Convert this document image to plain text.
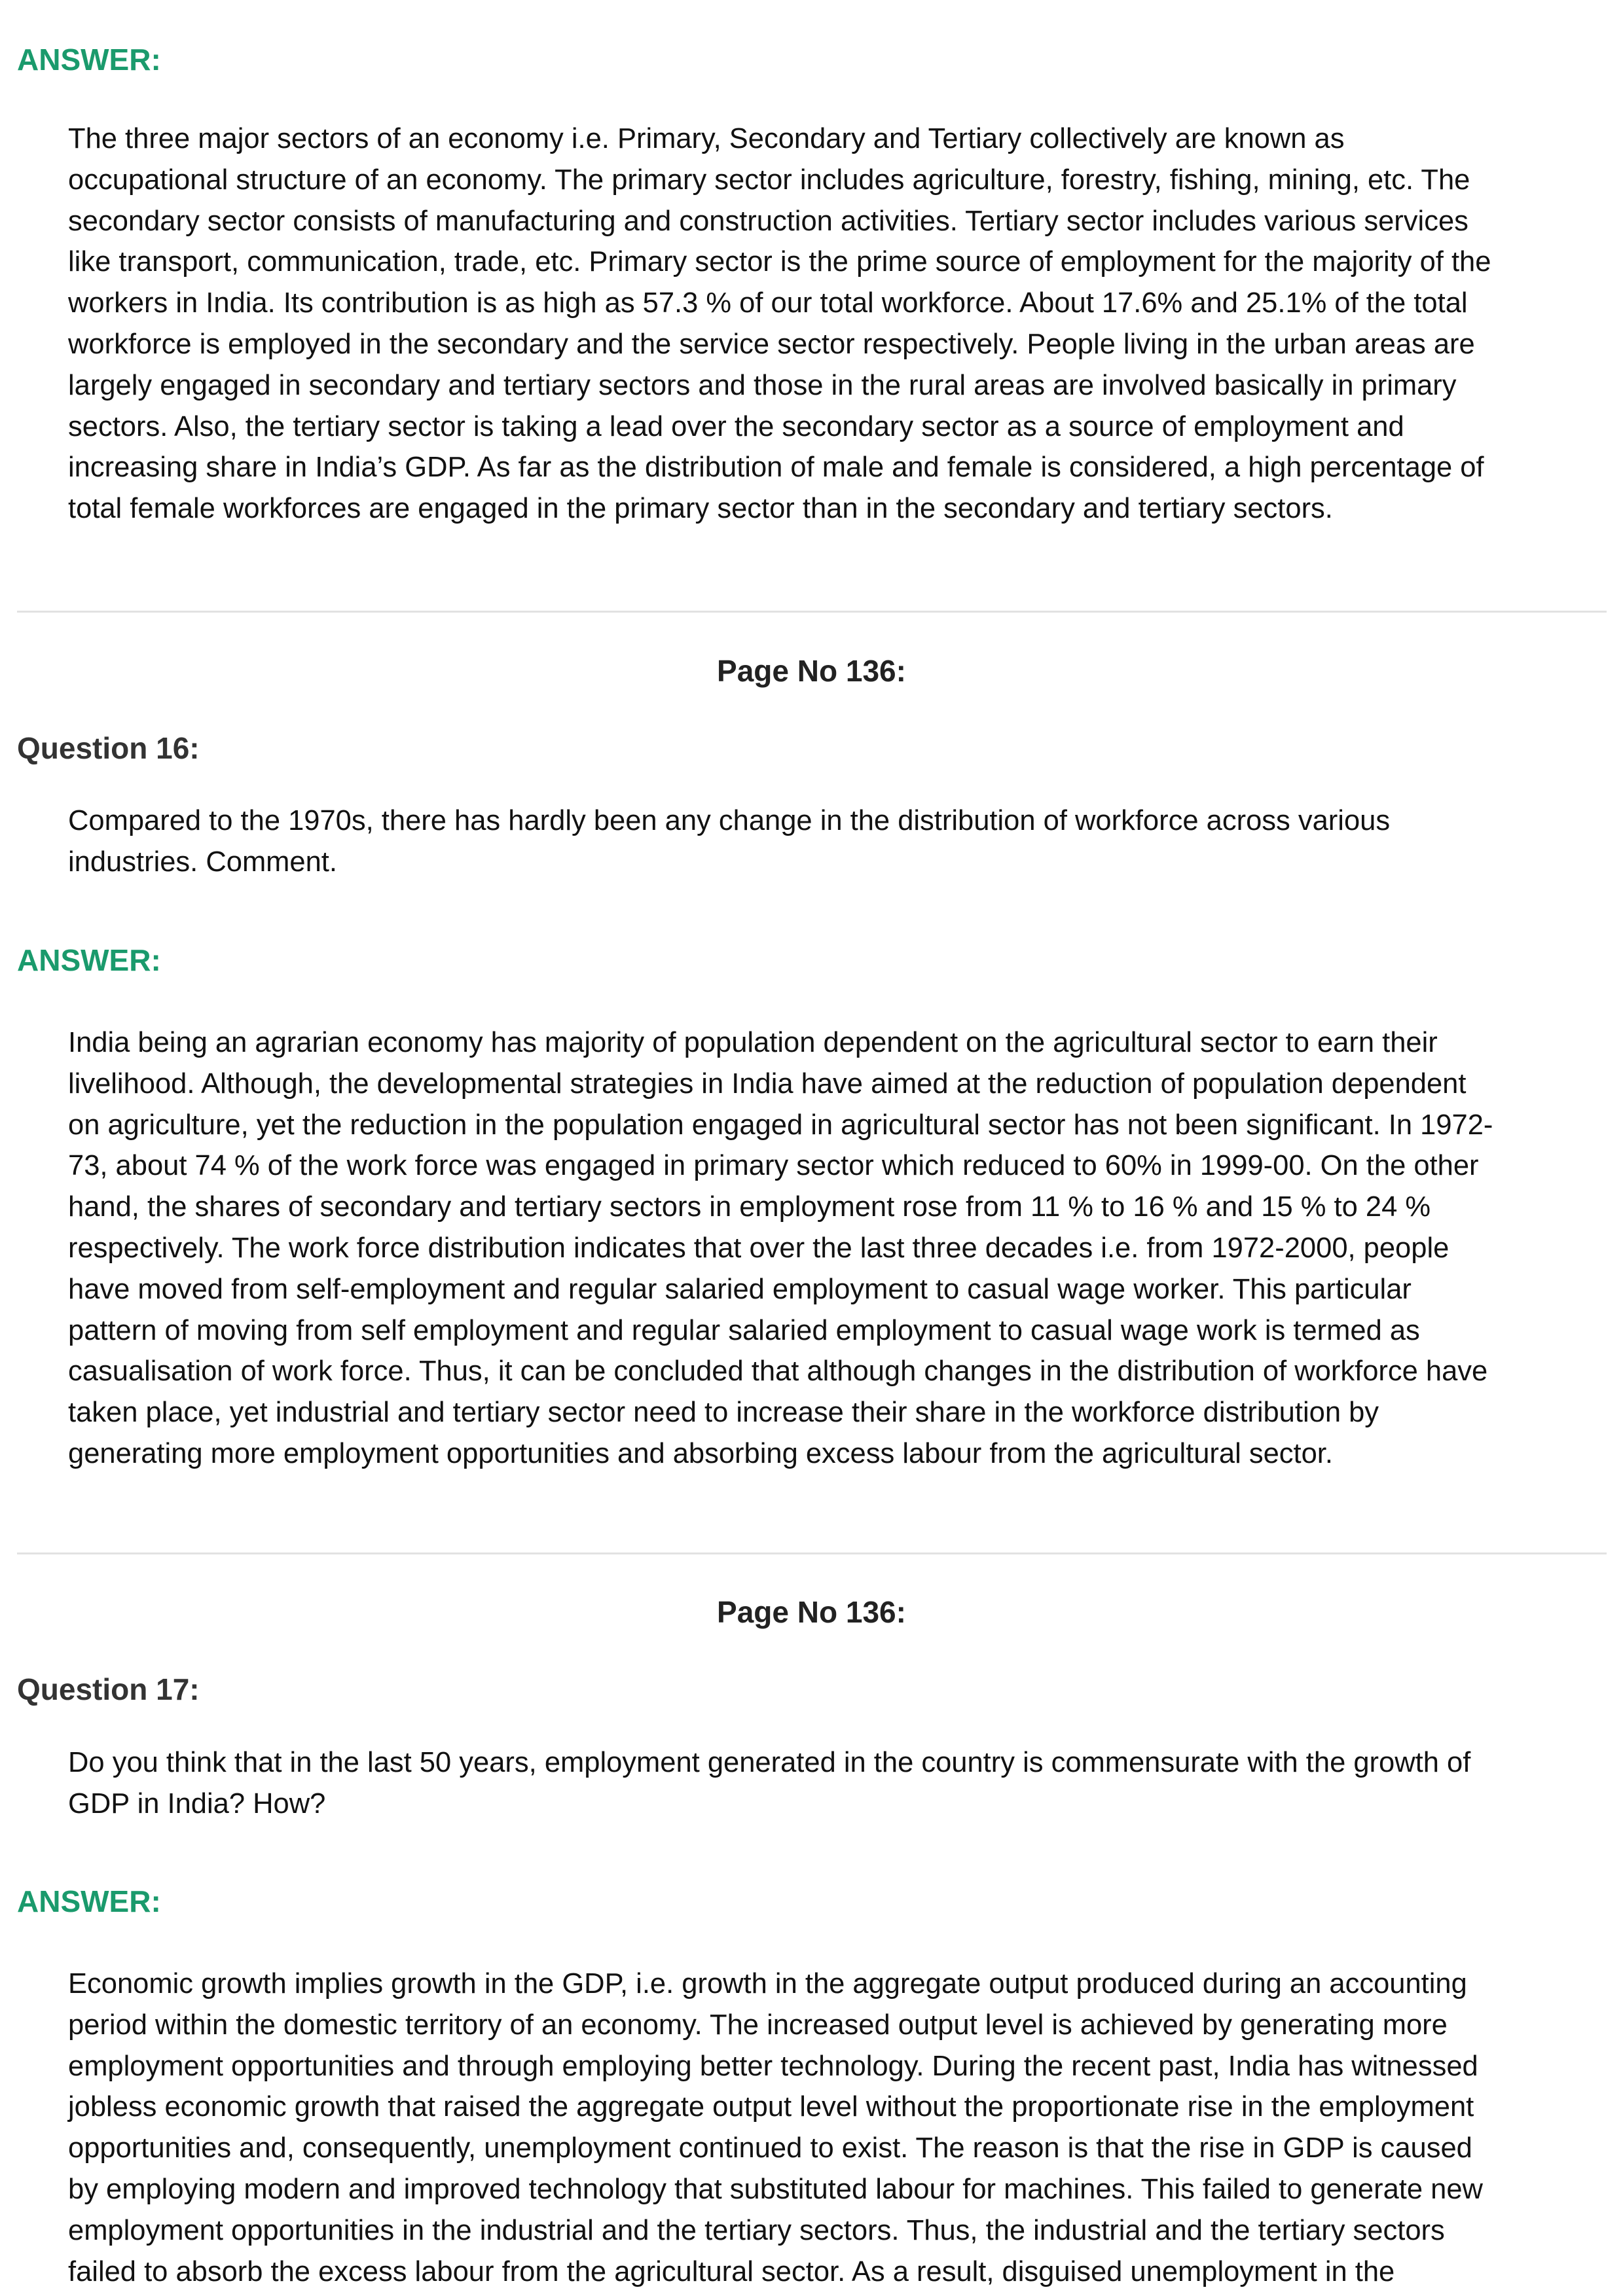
ANSWER:
The three major sectors of an economy i.e. Primary, Secondary and Tertiary collectively are known as
occupational structure of an economy. The primary sector includes agriculture, forestry, fishing, mining, etc. The
secondary sector consists of manufacturing and construction activities. Tertiary sector includes various services
like transport, communication, trade, etc. Primary sector is the prime source of employment for the majority of the
workers in India. Its contribution is as high as 57.3 % of our total workforce. About 17.6% and 25.1% of the total
workforce is employed in the secondary and the service sector respectively. People living in the urban areas are
largely engaged in secondary and tertiary sectors and those in the rural areas are involved basically in primary
sectors. Also, the tertiary sector is taking a lead over the secondary sector as a source of employment and
increasing share in India’s GDP. As far as the distribution of male and female is considered, a high percentage of
total female workforces are engaged in the primary sector than in the secondary and tertiary sectors.
Page No 136:
Question 16:
Compared to the 1970s, there has hardly been any change in the distribution of workforce across various
industries. Comment.
ANSWER:
India being an agrarian economy has majority of population dependent on the agricultural sector to earn their
livelihood. Although, the developmental strategies in India have aimed at the reduction of population dependent
on agriculture, yet the reduction in the population engaged in agricultural sector has not been significant. In 1972-
73, about 74 % of the work force was engaged in primary sector which reduced to 60% in 1999-00. On the other
hand, the shares of secondary and tertiary sectors in employment rose from 11 % to 16 % and 15 % to 24 %
respectively. The work force distribution indicates that over the last three decades i.e. from 1972-2000, people
have moved from self-employment and regular salaried employment to casual wage worker. This particular
pattern of moving from self employment and regular salaried employment to casual wage work is termed as
casualisation of work force. Thus, it can be concluded that although changes in the distribution of workforce have
taken place, yet industrial and tertiary sector need to increase their share in the workforce distribution by
generating more employment opportunities and absorbing excess labour from the agricultural sector.
Page No 136:
Question 17:
Do you think that in the last 50 years, employment generated in the country is commensurate with the growth of
GDP in India? How?
ANSWER:
Economic growth implies growth in the GDP, i.e. growth in the aggregate output produced during an accounting
period within the domestic territory of an economy. The increased output level is achieved by generating more
employment opportunities and through employing better technology. During the recent past, India has witnessed
jobless economic growth that raised the aggregate output level without the proportionate rise in the employment
opportunities and, consequently, unemployment continued to exist. The reason is that the rise in GDP is caused
by employing modern and improved technology that substituted labour for machines. This failed to generate new
employment opportunities in the industrial and the tertiary sectors. Thus, the industrial and the tertiary sectors
failed to absorb the excess labour from the agricultural sector. As a result, disguised unemployment in the
